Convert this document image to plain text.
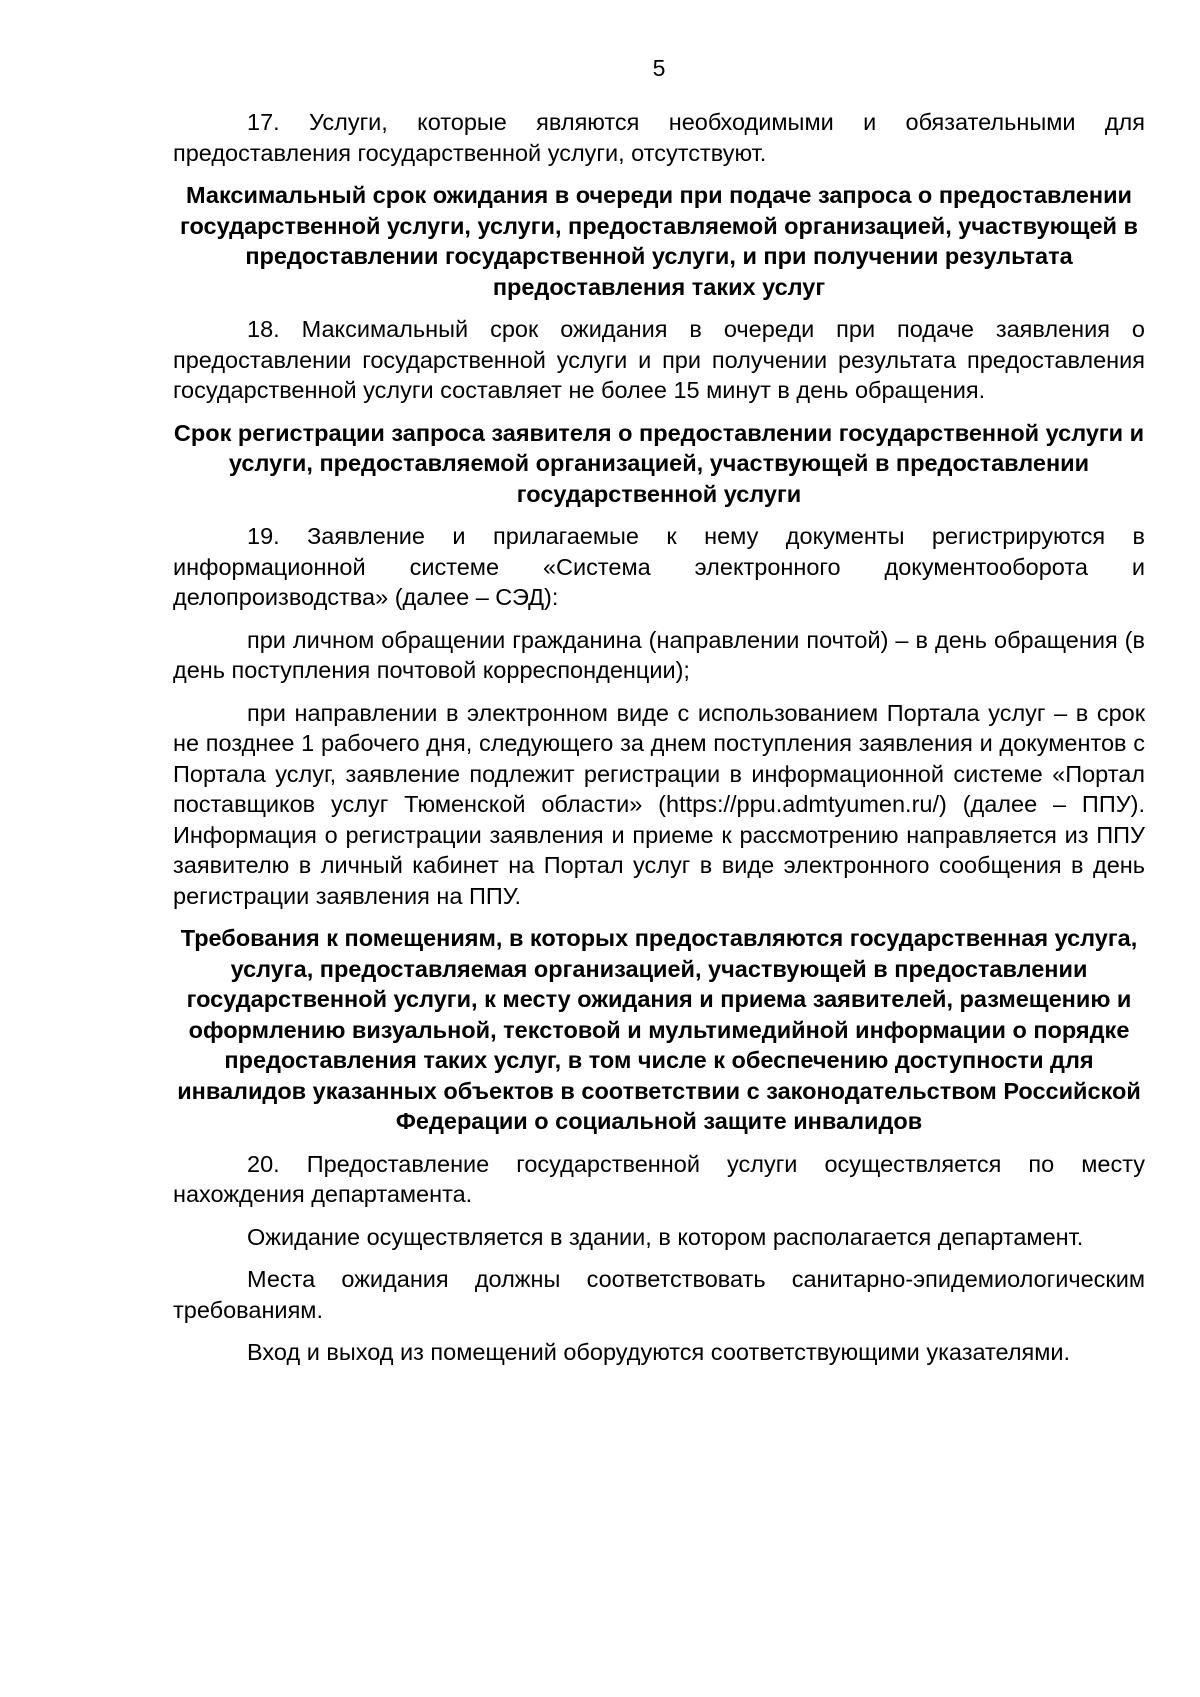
5

17. Услуги, которые являются необходимыми и обязательными для предоставления государственной услуги, отсутствуют.

Максимальный срок ожидания в очереди при подаче запроса о предоставлении государственной услуги, услуги, предоставляемой организацией, участвующей в предоставлении государственной услуги, и при получении результата предоставления таких услуг

18. Максимальный срок ожидания в очереди при подаче заявления о предоставлении государственной услуги и при получении результата предоставления государственной услуги составляет не более 15 минут в день обращения.

Срок регистрации запроса заявителя о предоставлении государственной услуги и услуги, предоставляемой организацией, участвующей в предоставлении государственной услуги

19. Заявление и прилагаемые к нему документы регистрируются в информационной системе «Система электронного документооборота и делопроизводства» (далее – СЭД):

при личном обращении гражданина (направлении почтой) – в день обращения (в день поступления почтовой корреспонденции);

при направлении в электронном виде с использованием Портала услуг – в срок не позднее 1 рабочего дня, следующего за днем поступления заявления и документов с Портала услуг, заявление подлежит регистрации в информационной системе «Портал поставщиков услуг Тюменской области» (https://ppu.admtyumen.ru/) (далее – ППУ). Информация о регистрации заявления и приеме к рассмотрению направляется из ППУ заявителю в личный кабинет на Портал услуг в виде электронного сообщения в день регистрации заявления на ППУ.

Требования к помещениям, в которых предоставляются государственная услуга, услуга, предоставляемая организацией, участвующей в предоставлении государственной услуги, к месту ожидания и приема заявителей, размещению и оформлению визуальной, текстовой и мультимедийной информации о порядке предоставления таких услуг, в том числе к обеспечению доступности для инвалидов указанных объектов в соответствии с законодательством Российской Федерации о социальной защите инвалидов

20. Предоставление государственной услуги осуществляется по месту нахождения департамента.

Ожидание осуществляется в здании, в котором располагается департамент.

Места ожидания должны соответствовать санитарно-эпидемиологическим требованиям.

Вход и выход из помещений оборудуются соответствующими указателями.
